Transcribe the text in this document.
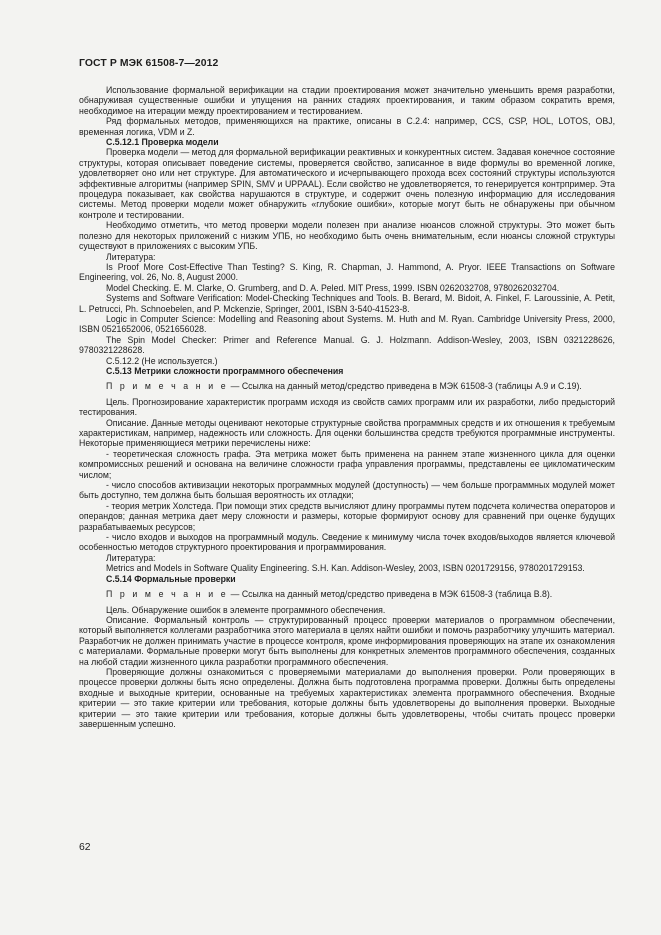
ГОСТ Р МЭК 61508-7—2012

Использование формальной верификации на стадии проектирования может значительно уменьшить время разработки, обнаруживая существенные ошибки и упущения на ранних стадиях проектирования, и таким образом сократить время, необходимое на итерации между проектированием и тестированием.

Ряд формальных методов, применяющихся на практике, описаны в С.2.4: например, CCS, CSP, HOL, LOTOS, OBJ, временная логика, VDM и Z.

С.5.12.1 Проверка модели

Проверка модели — метод для формальной верификации реактивных и конкурентных систем. Задавая конечное состояние структуры, которая описывает поведение системы, проверяется свойство, записанное в виде формулы во временной логике, удовлетворяет оно или нет структуре. Для автоматического и исчерпывающего прохода всех состояний структуры используются эффективные алгоритмы (например SPIN, SMV и UPPAAL). Если свойство не удовлетворяется, то генерируется контрпример. Эта процедура показывает, как свойства нарушаются в структуре, и содержит очень полезную информацию для исследования системы. Метод проверки модели может обнаружить «глубокие ошибки», которые могут быть не обнаружены при обычном контроле и тестировании.

Необходимо отметить, что метод проверки модели полезен при анализе нюансов сложной структуры. Это может быть полезно для некоторых приложений с низким УПБ, но необходимо быть очень внимательным, если нюансы сложной структуры существуют в приложениях с высоким УПБ.

Литература:

Is Proof More Cost-Effective Than Testing? S. King, R. Chapman, J. Hammond, A. Pryor. IEEE Transactions on Software Engineering, vol. 26, No. 8, August 2000.

Model Checking. E. M. Clarke, O. Grumberg, and D. A. Peled. MIT Press, 1999. ISBN 0262032708, 9780262032704.

Systems and Software Verification: Model-Checking Techniques and Tools. B. Berard, M. Bidoit, A. Finkel, F. Laroussinie, A. Petit, L. Petrucci, Ph. Schnoebelen, and P. Mckenzie, Springer, 2001, ISBN 3-540-41523-8.

Logic in Computer Science: Modelling and Reasoning about Systems. M. Huth and M. Ryan. Cambridge University Press, 2000, ISBN 0521652006, 0521656028.

The Spin Model Checker: Primer and Reference Manual. G. J. Holzmann. Addison-Wesley, 2003, ISBN 0321228626, 9780321228628.

С.5.12.2 (Не используется.)

С.5.13 Метрики сложности программного обеспечения

П р и м е ч а н и е — Ссылка на данный метод/средство приведена в МЭК 61508-3 (таблицы А.9 и С.19).

Цель. Прогнозирование характеристик программ исходя из свойств самих программ или их разработки, либо предысторий тестирования.

Описание. Данные методы оценивают некоторые структурные свойства программных средств и их отношения к требуемым характеристикам, например, надежность или сложность. Для оценки большинства средств требуются программные инструменты. Некоторые применяющиеся метрики перечислены ниже:

- теоретическая сложность графа. Эта метрика может быть применена на раннем этапе жизненного цикла для оценки компромиссных решений и основана на величине сложности графа управления программы, представлены ее цикломатическим числом;

- число способов активизации некоторых программных модулей (доступность) — чем больше программных модулей может быть доступно, тем должна быть большая вероятность их отладки;

- теория метрик Холстеда. При помощи этих средств вычисляют длину программы путем подсчета количества операторов и операндов; данная метрика дает меру сложности и размеры, которые формируют основу для сравнений при оценке будущих разрабатываемых ресурсов;

- число входов и выходов на программный модуль. Сведение к минимуму числа точек входов/выходов является ключевой особенностью методов структурного проектирования и программирования.

Литература:

Metrics and Models in Software Quality Engineering. S.H. Kan. Addison-Wesley, 2003, ISBN 0201729156, 9780201729153.

С.5.14 Формальные проверки

П р и м е ч а н и е — Ссылка на данный метод/средство приведена в МЭК 61508-3 (таблица В.8).

Цель. Обнаружение ошибок в элементе программного обеспечения.

Описание. Формальный контроль — структурированный процесс проверки материалов о программном обеспечении, который выполняется коллегами разработчика этого материала в целях найти ошибки и помочь разработчику улучшить материал. Разработчик не должен принимать участие в процессе контроля, кроме информирования проверяющих на этапе их ознакомления с материалами. Формальные проверки могут быть выполнены для конкретных элементов программного обеспечения, созданных на любой стадии жизненного цикла разработки программного обеспечения.

Проверяющие должны ознакомиться с проверяемыми материалами до выполнения проверки. Роли проверяющих в процессе проверки должны быть ясно определены. Должна быть подготовлена программа проверки. Должны быть определены входные и выходные критерии, основанные на требуемых характеристиках элемента программного обеспечения. Входные критерии — это такие критерии или требования, которые должны быть удовлетворены до выполнения проверки. Выходные критерии — это такие критерии или требования, которые должны быть удовлетворены, чтобы считать процесс проверки завершенным успешно.

62
